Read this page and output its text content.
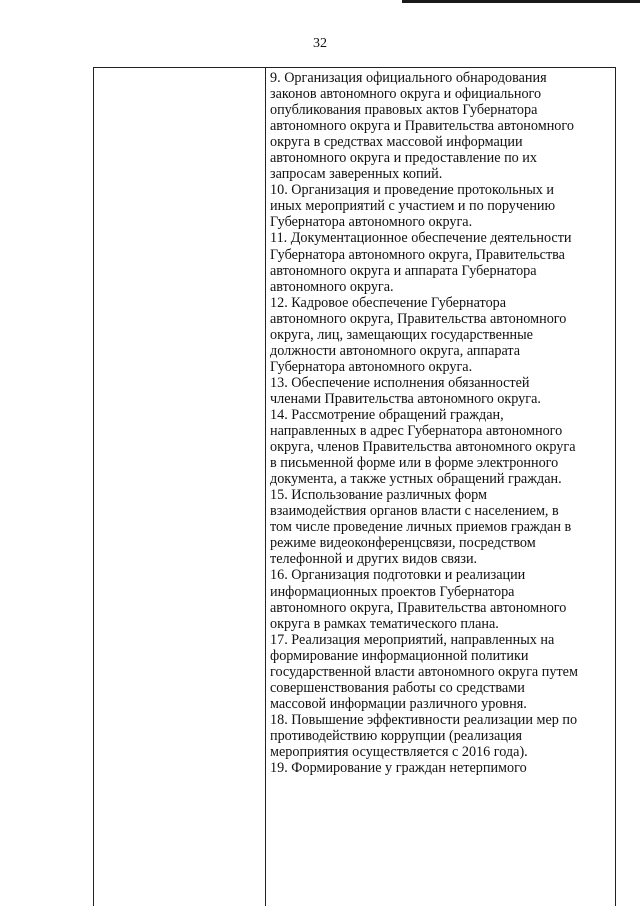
32

9. Организация официального обнародования
законов автономного округа и официального
опубликования правовых актов Губернатора
автономного округа и Правительства автономного
округа в средствах массовой информации
автономного округа и предоставление по их
запросам заверенных копий.

10. Организация и проведение протокольных и
иных мероприятий с участием и по поручению
Губернатора автономного округа.

11. Документационное обеспечение деятельности
Губернатора автономного округа, Правительства
автономного округа и аппарата Губернатора
автономного округа.

12. Кадровое обеспечение Губернатора
автономного округа, Правительства автономного
округа, лиц, замещающих государственные
должности автономного округа, аппарата
Губернатора автономного округа.

13. Обеспечение исполнения обязанностей
членами Правительства автономного округа.

14. Рассмотрение обращений граждан,
направленных в адрес Губернатора автономного
округа, членов Правительства автономного округа
в письменной форме или в форме электронного
документа, а также устных обращений граждан.

15. Использование различных форм
взаимодействия органов власти с населением, в
том числе проведение личных приемов граждан в
режиме видеоконференцсвязи, посредством
телефонной и других видов связи.

16. Организация подготовки и реализации
информационных проектов Губернатора
автономного округа, Правительства автономного
округа в рамках тематического плана.

17. Реализация мероприятий, направленных на
формирование информационной политики
государственной власти автономного округа путем
совершенствования работы со средствами
массовой информации различного уровня.

18. Повышение эффективности реализации мер по
противодействию коррупции (реализация
мероприятия осуществляется с 2016 года).

19. Формирование у граждан нетерпимого
